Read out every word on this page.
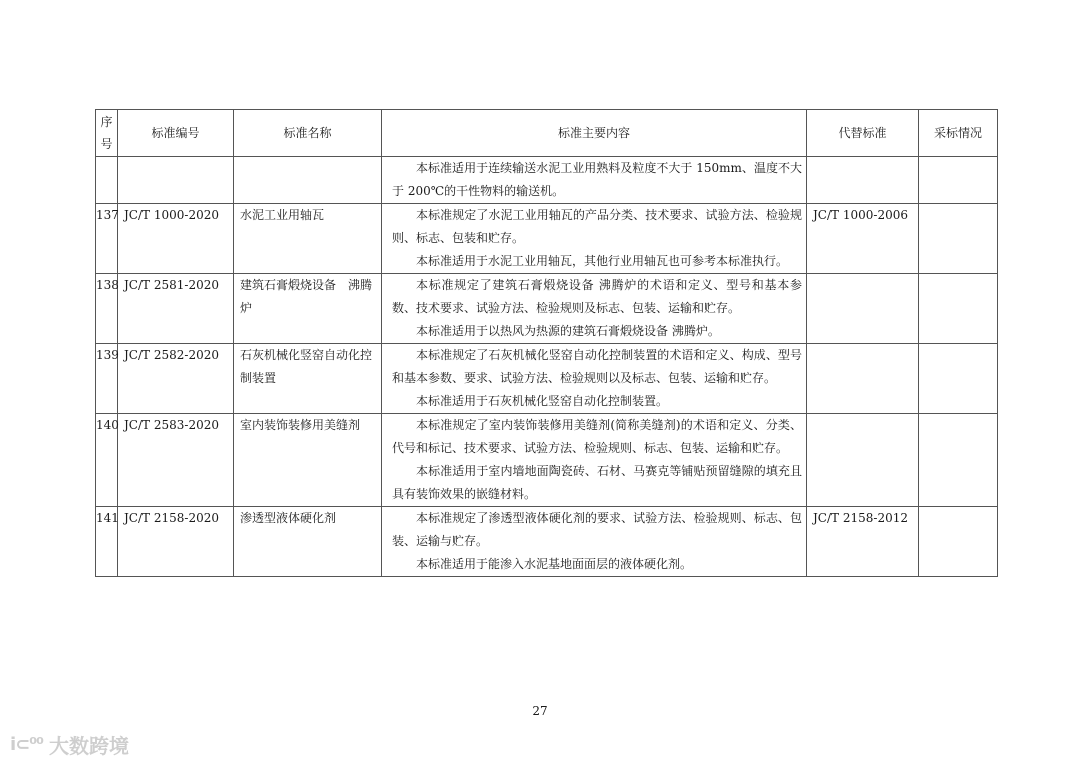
序号	标准编号	标准名称	标准主要内容	代替标准	采标情况

			本标准适用于连续输送水泥工业用熟料及粒度不大于 150mm、温度不大于 200℃的干性物料的输送机。		

137	JC/T 1000-2020	水泥工业用轴瓦	本标准规定了水泥工业用轴瓦的产品分类、技术要求、试验方法、检验规则、标志、包装和贮存。
本标准适用于水泥工业用轴瓦，其他行业用轴瓦也可参考本标准执行。	JC/T 1000-2006	
138	JC/T 2581-2020	建筑石膏煅烧设备　沸腾炉	本标准规定了建筑石膏煅烧设备 沸腾炉的术语和定义、型号和基本参数、技术要求、试验方法、检验规则及标志、包装、运输和贮存。
本标准适用于以热风为热源的建筑石膏煅烧设备 沸腾炉。		

139	JC/T 2582-2020	石灰机械化竖窑自动化控制装置	本标准规定了石灰机械化竖窑自动化控制装置的术语和定义、构成、型号和基本参数、要求、试验方法、检验规则以及标志、包装、运输和贮存。
本标准适用于石灰机械化竖窑自动化控制装置。		

140	JC/T 2583-2020	室内装饰装修用美缝剂	本标准规定了室内装饰装修用美缝剂(简称美缝剂)的术语和定义、分类、代号和标记、技术要求、试验方法、检验规则、标志、包装、运输和贮存。
本标准适用于室内墙地面陶瓷砖、石材、马赛克等铺贴预留缝隙的填充且具有装饰效果的嵌缝材料。		

141	JC/T 2158-2020	渗透型液体硬化剂	本标准规定了渗透型液体硬化剂的要求、试验方法、检验规则、标志、包装、运输与贮存。
本标准适用于能渗入水泥基地面面层的液体硬化剂。	JC/T 2158-2012	
27
i⊂⁰⁰ 大数跨境
